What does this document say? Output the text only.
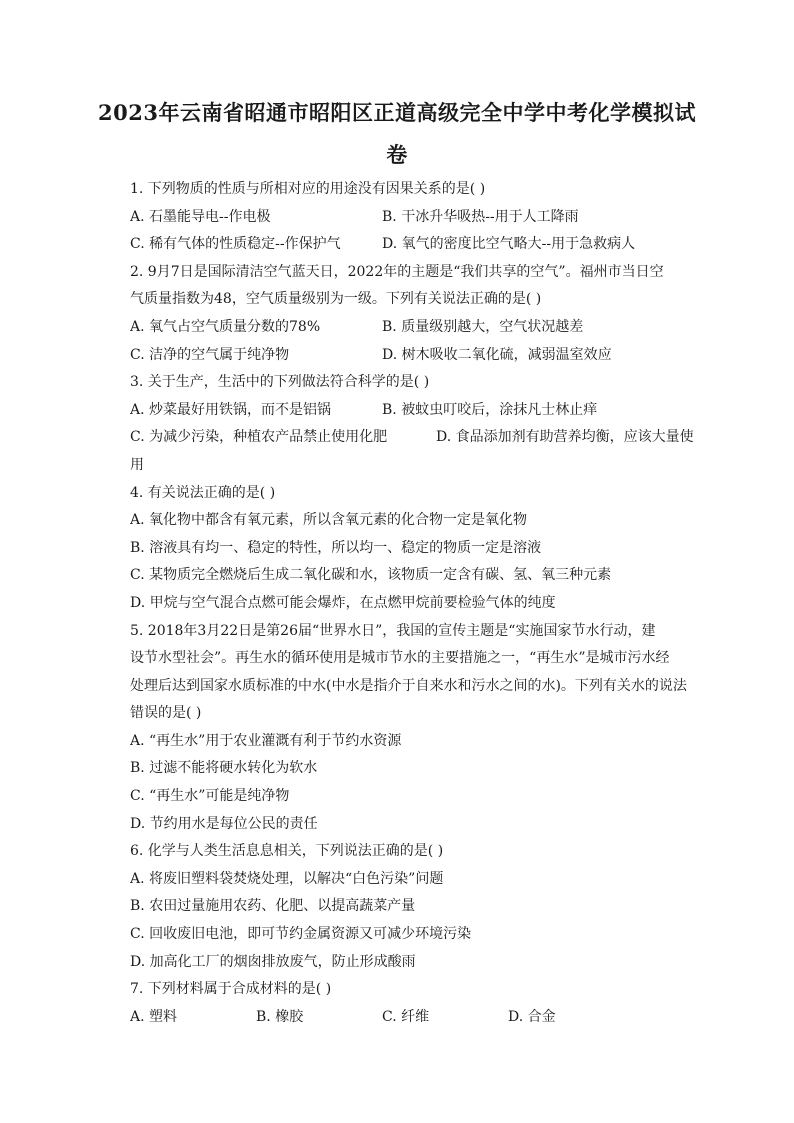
2023年云南省昭通市昭阳区正道高级完全中学中考化学模拟试
卷
1. 下列物质的性质与所相对应的用途没有因果关系的是( )
A. 石墨能导电--作电极	B. 干冰升华吸热--用于人工降雨
C. 稀有气体的性质稳定--作保护气	D. 氧气的密度比空气略大--用于急救病人
2. 9月7日是国际清洁空气蓝天日，2022年的主题是“我们共享的空气”。福州市当日空
气质量指数为48，空气质量级别为一级。下列有关说法正确的是( )
A. 氧气占空气质量分数的78%	B. 质量级别越大，空气状况越差
C. 洁净的空气属于纯净物	D. 树木吸收二氧化硫，减弱温室效应
3. 关于生产，生活中的下列做法符合科学的是( )
A. 炒菜最好用铁锅，而不是铝锅	B. 被蚊虫叮咬后，涂抹凡士林止痒
C. 为减少污染，种植农产品禁止使用化肥	D. 食品添加剂有助营养均衡，应该大量使
用
4. 有关说法正确的是( )
A. 氧化物中都含有氧元素，所以含氧元素的化合物一定是氧化物
B. 溶液具有均一、稳定的特性，所以均一、稳定的物质一定是溶液
C. 某物质完全燃烧后生成二氧化碳和水，该物质一定含有碳、氢、氧三种元素
D. 甲烷与空气混合点燃可能会爆炸，在点燃甲烷前要检验气体的纯度
5. 2018年3月22日是第26届“世界水日”，我国的宣传主题是“实施国家节水行动，建
设节水型社会”。再生水的循环使用是城市节水的主要措施之一，“再生水”是城市污水经
处理后达到国家水质标准的中水(中水是指介于自来水和污水之间的水)。下列有关水的说法
错误的是( )
A. “再生水”用于农业灌溉有利于节约水资源
B. 过滤不能将硬水转化为软水
C. “再生水”可能是纯净物
D. 节约用水是每位公民的责任
6. 化学与人类生活息息相关，下列说法正确的是( )
A. 将废旧塑料袋焚烧处理，以解决“白色污染”问题
B. 农田过量施用农药、化肥、以提高蔬菜产量
C. 回收废旧电池，即可节约金属资源又可减少环境污染
D. 加高化工厂的烟囱排放废气，防止形成酸雨
7. 下列材料属于合成材料的是( )
A. 塑料	B. 橡胶	C. 纤维	D. 合金
